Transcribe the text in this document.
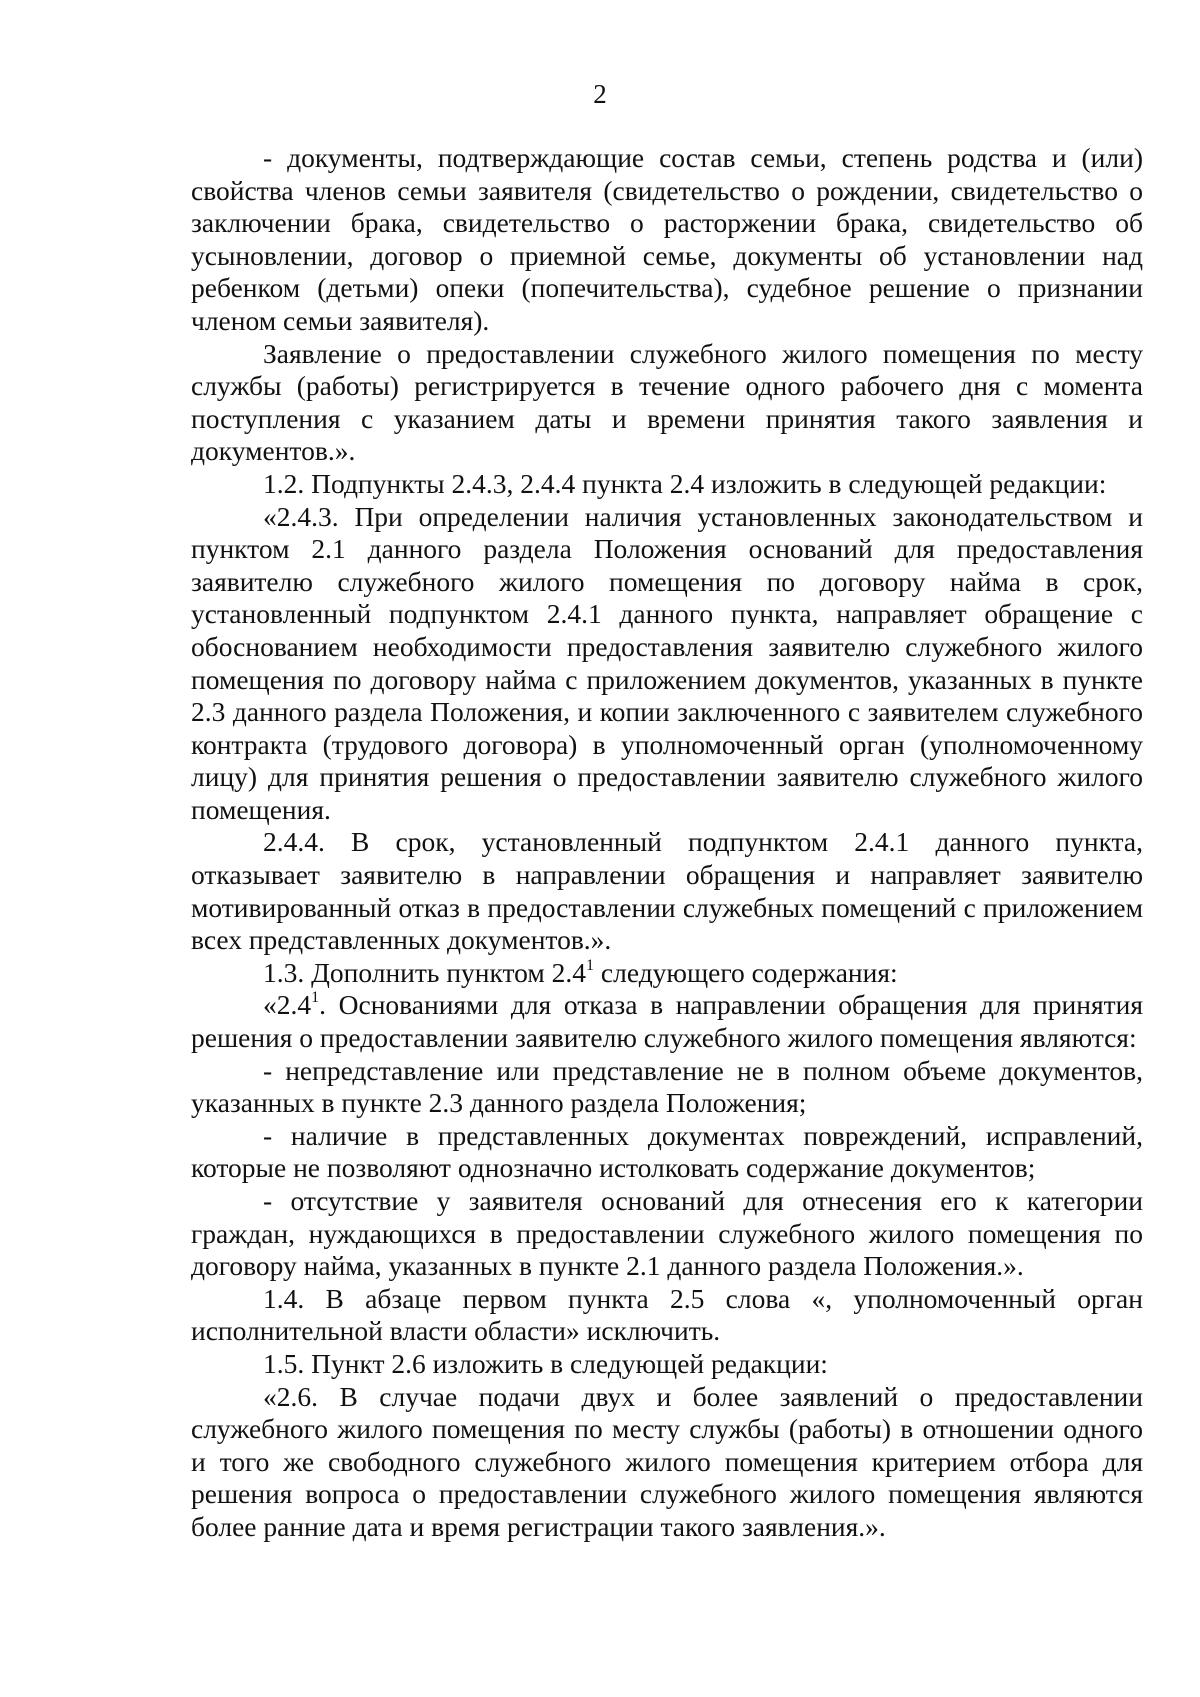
2

- документы, подтверждающие состав семьи, степень родства и (или) свойства членов семьи заявителя (свидетельство о рождении, свидетельство о заключении брака, свидетельство о расторжении брака, свидетельство об усыновлении, договор о приемной семье, документы об установлении над ребенком (детьми) опеки (попечительства), судебное решение о признании членом семьи заявителя).

Заявление о предоставлении служебного жилого помещения по месту службы (работы) регистрируется в течение одного рабочего дня с момента поступления с указанием даты и времени принятия такого заявления и документов.».

1.2. Подпункты 2.4.3, 2.4.4 пункта 2.4 изложить в следующей редакции:

«2.4.3. При определении наличия установленных законодательством и пунктом 2.1 данного раздела Положения оснований для предоставления заявителю служебного жилого помещения по договору найма в срок, установленный подпунктом 2.4.1 данного пункта, направляет обращение с обоснованием необходимости предоставления заявителю служебного жилого помещения по договору найма с приложением документов, указанных в пункте 2.3 данного раздела Положения, и копии заключенного с заявителем служебного контракта (трудового договора) в уполномоченный орган (уполномоченному лицу) для принятия решения о предоставлении заявителю служебного жилого помещения.

2.4.4. В срок, установленный подпунктом 2.4.1 данного пункта, отказывает заявителю в направлении обращения и направляет заявителю мотивированный отказ в предоставлении служебных помещений с приложением всех представленных документов.».

1.3. Дополнить пунктом $2.4^1$ следующего содержания:

«$2.4^1$. Основаниями для отказа в направлении обращения для принятия решения о предоставлении заявителю служебного жилого помещения являются:

- непредставление или представление не в полном объеме документов, указанных в пункте 2.3 данного раздела Положения;

- наличие в представленных документах повреждений, исправлений, которые не позволяют однозначно истолковать содержание документов;

- отсутствие у заявителя оснований для отнесения его к категории граждан, нуждающихся в предоставлении служебного жилого помещения по договору найма, указанных в пункте 2.1 данного раздела Положения.».

1.4. В абзаце первом пункта 2.5 слова «, уполномоченный орган исполнительной власти области» исключить.

1.5. Пункт 2.6 изложить в следующей редакции:

«2.6. В случае подачи двух и более заявлений о предоставлении служебного жилого помещения по месту службы (работы) в отношении одного и того же свободного служебного жилого помещения критерием отбора для решения вопроса о предоставлении служебного жилого помещения являются более ранние дата и время регистрации такого заявления.».
